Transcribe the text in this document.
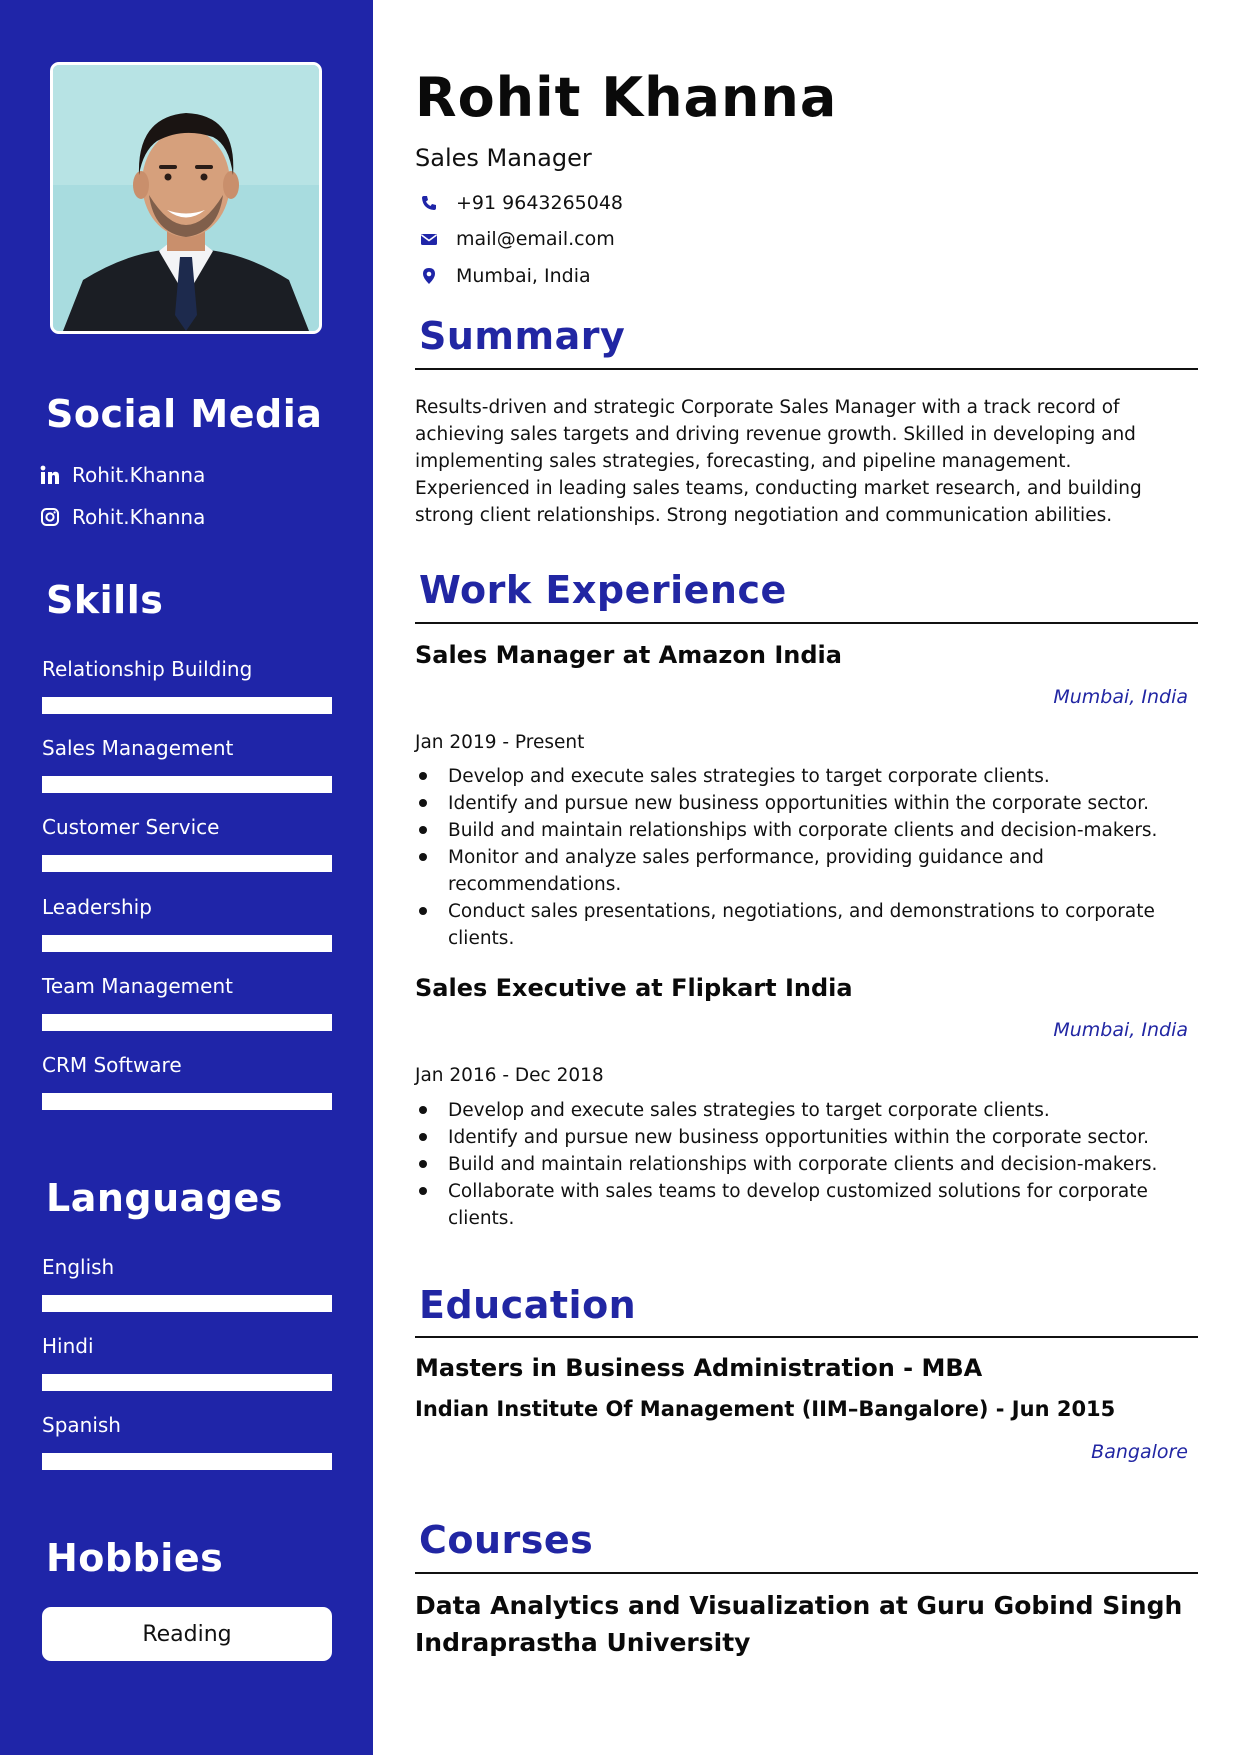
Social Media
Rohit.Khanna
Rohit.Khanna
Skills

Relationship Building

Sales Management

Customer Service

Leadership

Team Management

CRM Software

Languages

English

Hindi

Spanish

Hobbies
Reading
Rohit Khanna
Sales Manager
+91 9643265048
mail@email.com
Mumbai, India
Summary

Results-driven and strategic Corporate Sales Manager with a track record of achieving sales targets and driving revenue growth. Skilled in developing and implementing sales strategies, forecasting, and pipeline management. Experienced in leading sales teams, conducting market research, and building strong client relationships. Strong negotiation and communication abilities.

Work Experience
Sales Manager at Amazon India
Mumbai, India
Jan 2019 - Present
Develop and execute sales strategies to target corporate clients.
Identify and pursue new business opportunities within the corporate sector.
Build and maintain relationships with corporate clients and decision-makers.
Monitor and analyze sales performance, providing guidance and recommendations.
Conduct sales presentations, negotiations, and demonstrations to corporate clients.
Sales Executive at Flipkart India
Mumbai, India
Jan 2016 - Dec 2018
Develop and execute sales strategies to target corporate clients.
Identify and pursue new business opportunities within the corporate sector.
Build and maintain relationships with corporate clients and decision-makers.
Collaborate with sales teams to develop customized solutions for corporate clients.
Education
Masters in Business Administration - MBA
Indian Institute Of Management (IIM–Bangalore) - Jun 2015
Bangalore
Courses

Data Analytics and Visualization at Guru Gobind Singh Indraprastha University
